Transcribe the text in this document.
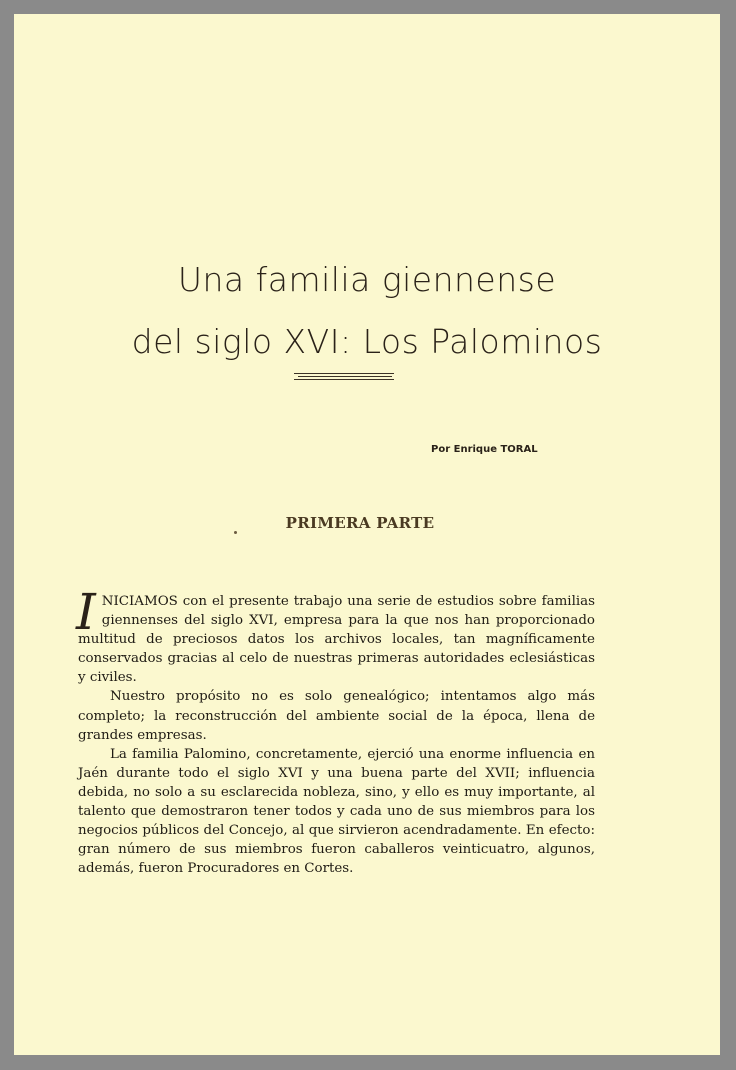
Una familia giennense
del siglo XVI: Los Palominos
Por Enrique TORAL
PRIMERA PARTE

INICIAMOS con el presente trabajo una serie de estudios sobre familias giennenses del siglo XVI, empresa para la que nos han proporcionado multitud de preciosos datos los archivos locales, tan magníficamente conservados gracias al celo de nuestras primeras autoridades eclesiásticas y civiles.

Nuestro propósito no es solo genealógico; intentamos algo más completo; la reconstrucción del ambiente social de la época, llena de grandes empresas.

La familia Palomino, concretamente, ejerció una enorme influencia en Jaén durante todo el siglo XVI y una buena parte del XVII; influencia debida, no solo a su esclarecida nobleza, sino, y ello es muy importante, al talento que demostraron tener todos y cada uno de sus miembros para los negocios públicos del Concejo, al que sirvieron acendradamente. En efecto: gran número de sus miembros fueron caballeros veinticuatro, algunos, además, fueron Procuradores en Cortes.
